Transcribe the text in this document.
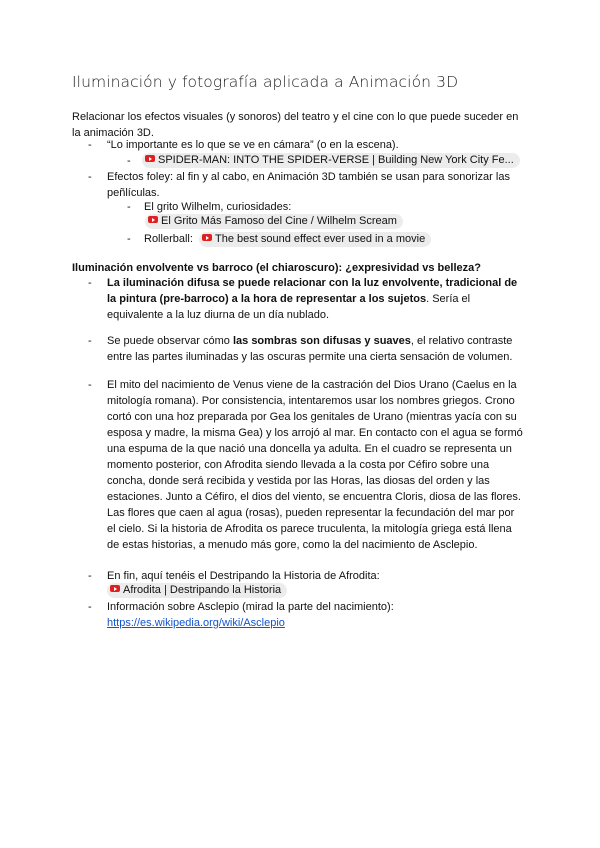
Iluminación y fotografía aplicada a Animación 3D

Relacionar los efectos visuales (y sonoros) del teatro y el cine con lo que puede suceder en la animación 3D.

-	“Lo importante es lo que se ve en cámara” (o en la escena).
-	SPIDER-MAN: INTO THE SPIDER-VERSE | Building New York City Fe...
-	Efectos foley: al fin y al cabo, en Animación 3D también se usan para sonorizar las peñlículas.
-	El grito Wilhelm, curiosidades:
El Grito Más Famoso del Cine / Wilhelm Scream
-	Rollerball: The best sound effect ever used in a movie

Iluminación envolvente vs barroco (el chiaroscuro): ¿expresividad vs belleza?

-	La iluminación difusa se puede relacionar con la luz envolvente, tradicional de la pintura (pre-barroco) a la hora de representar a los sujetos. Sería el equivalente a la luz diurna de un día nublado.
-	Se puede observar cómo las sombras son difusas y suaves, el relativo contraste entre las partes iluminadas y las oscuras permite una cierta sensación de volumen.
-	El mito del nacimiento de Venus viene de la castración del Dios Urano (Caelus en la mitología romana). Por consistencia, intentaremos usar los nombres griegos. Crono cortó con una hoz preparada por Gea los genitales de Urano (mientras yacía con su esposa y madre, la misma Gea) y los arrojó al mar. En contacto con el agua se formó una espuma de la que nació una doncella ya adulta. En el cuadro se representa un momento posterior, con Afrodita siendo llevada a la costa por Céfiro sobre una concha, donde será recibida y vestida por las Horas, las diosas del orden y las estaciones. Junto a Céfiro, el dios del viento, se encuentra Cloris, diosa de las flores. Las flores que caen al agua (rosas), pueden representar la fecundación del mar por el cielo. Si la historia de Afrodita os parece truculenta, la mitología griega está llena de estas historias, a menudo más gore, como la del nacimiento de Asclepio.
-	En fin, aquí tenéis el Destripando la Historia de Afrodita:
Afrodita | Destripando la Historia
-	Información sobre Asclepio (mirad la parte del nacimiento):
https://es.wikipedia.org/wiki/Asclepio
